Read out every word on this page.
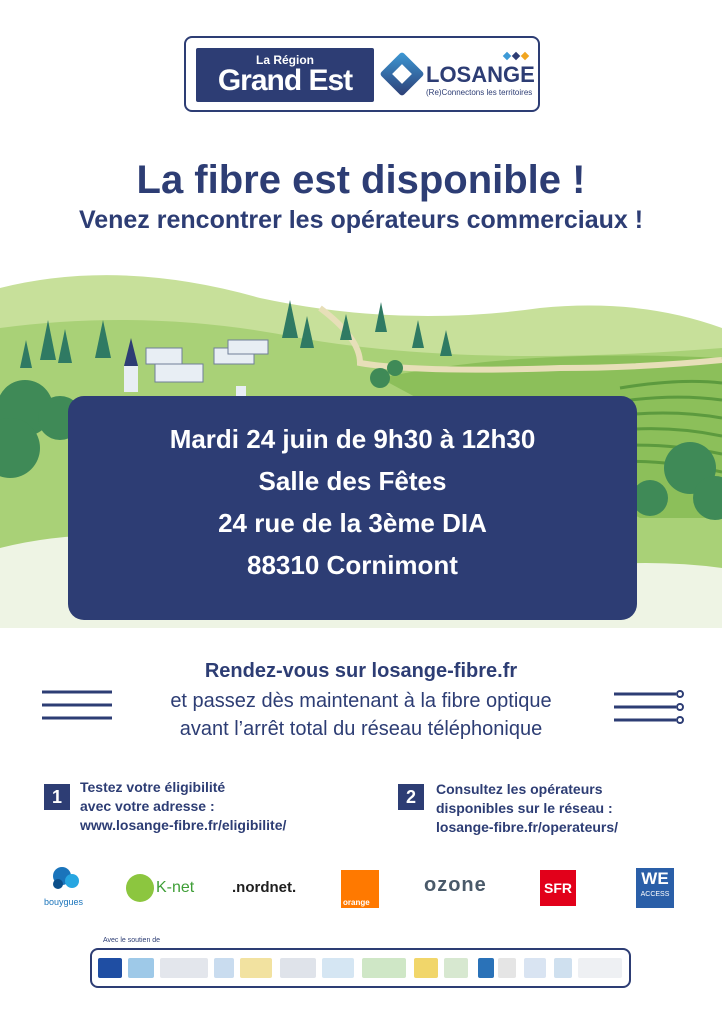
La Région
Grand Est	LOSANGE
(Re)Connectons les territoires
La fibre est disponible !
Venez rencontrer les opérateurs commerciaux !
Mardi 24 juin de 9h30 à 12h30
Salle des Fêtes
24 rue de la 3ème DIA
88310 Cornimont
Rendez-vous sur losange-fibre.fr
et passez dès maintenant à la fibre optique
avant l’arrêt total du réseau téléphonique
1	Testez votre éligibilité
avec votre adresse :
www.losange-fibre.fr/eligibilite/
2	Consultez les opérateurs
disponibles sur le réseau :
losange-fibre.fr/operateurs/
bouygues
K-net	.nordnet.
orange
ozone	SFR	WE
ACCESS
Avec le soutien de
